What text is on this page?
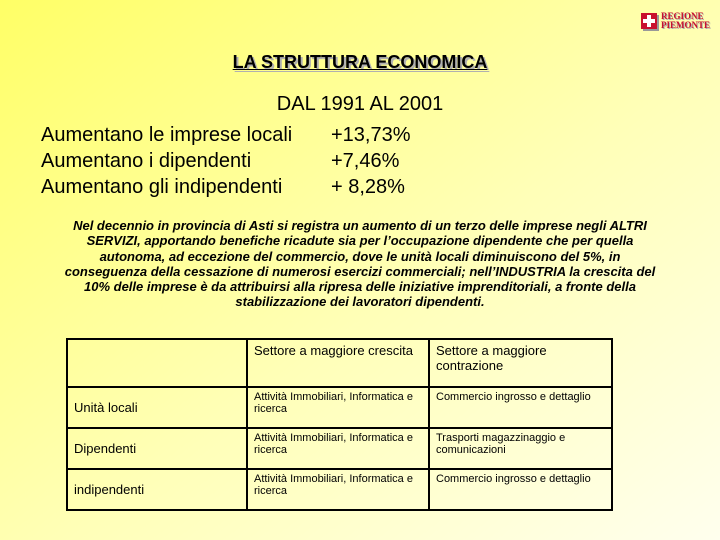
REGIONE
PIEMONTE
LA STRUTTURA ECONOMICA
DAL 1991 AL 2001
Aumentano le imprese locali +13,73%
Aumentano i dipendenti	+7,46%
Aumentano gli indipendenti + 8,28%
Nel decennio in provincia di Asti si registra un aumento di un terzo delle imprese negli ALTRI SERVIZI, apportando benefiche ricadute sia per l’occupazione dipendente che per quella autonoma, ad eccezione del commercio, dove le unità locali diminuiscono del 5%, in conseguenza della cessazione di numerosi esercizi commerciali; nell’INDUSTRIA la crescita del 10% delle imprese è da attribuirsi alla ripresa delle iniziative imprenditoriali, a fronte della stabilizzazione dei lavoratori dipendenti.
	Settore a maggiore crescita	Settore a maggiore contrazione
Unità locali	Attività Immobiliari, Informatica e ricerca	Commercio ingrosso e dettaglio
Dipendenti	Attività Immobiliari, Informatica e ricerca	Trasporti magazzinaggio e comunicazioni
indipendenti	Attività Immobiliari, Informatica e ricerca	Commercio ingrosso e dettaglio
